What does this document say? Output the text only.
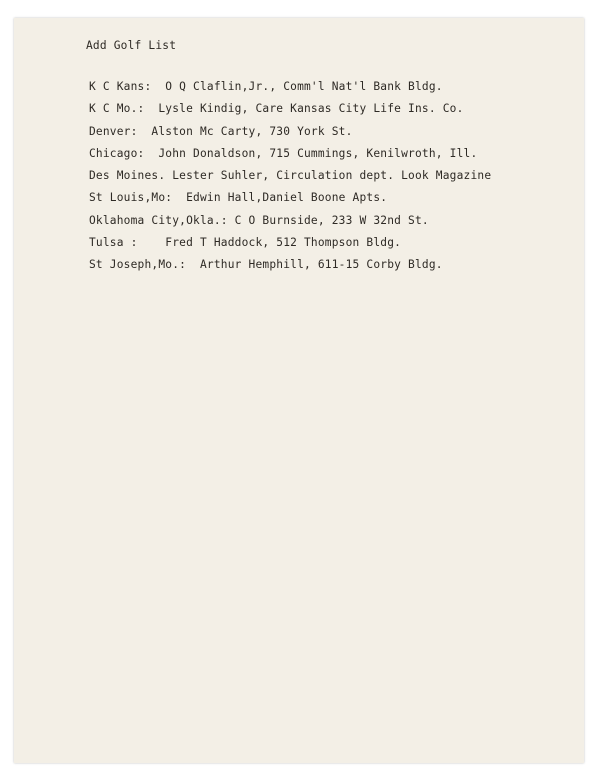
Add Golf List
K C Kans:  O Q Claflin,Jr., Comm'l Nat'l Bank Bldg.
K C Mo.:  Lysle Kindig, Care Kansas City Life Ins. Co.
Denver:  Alston Mc Carty, 730 York St.
Chicago:  John Donaldson, 715 Cummings, Kenilwroth, Ill.
Des Moines. Lester Suhler, Circulation dept. Look Magazine
St Louis,Mo:  Edwin Hall,Daniel Boone Apts.
Oklahoma City,Okla.: C O Burnside, 233 W 32nd St.
Tulsa :    Fred T Haddock, 512 Thompson Bldg.
St Joseph,Mo.:  Arthur Hemphill, 611-15 Corby Bldg.
